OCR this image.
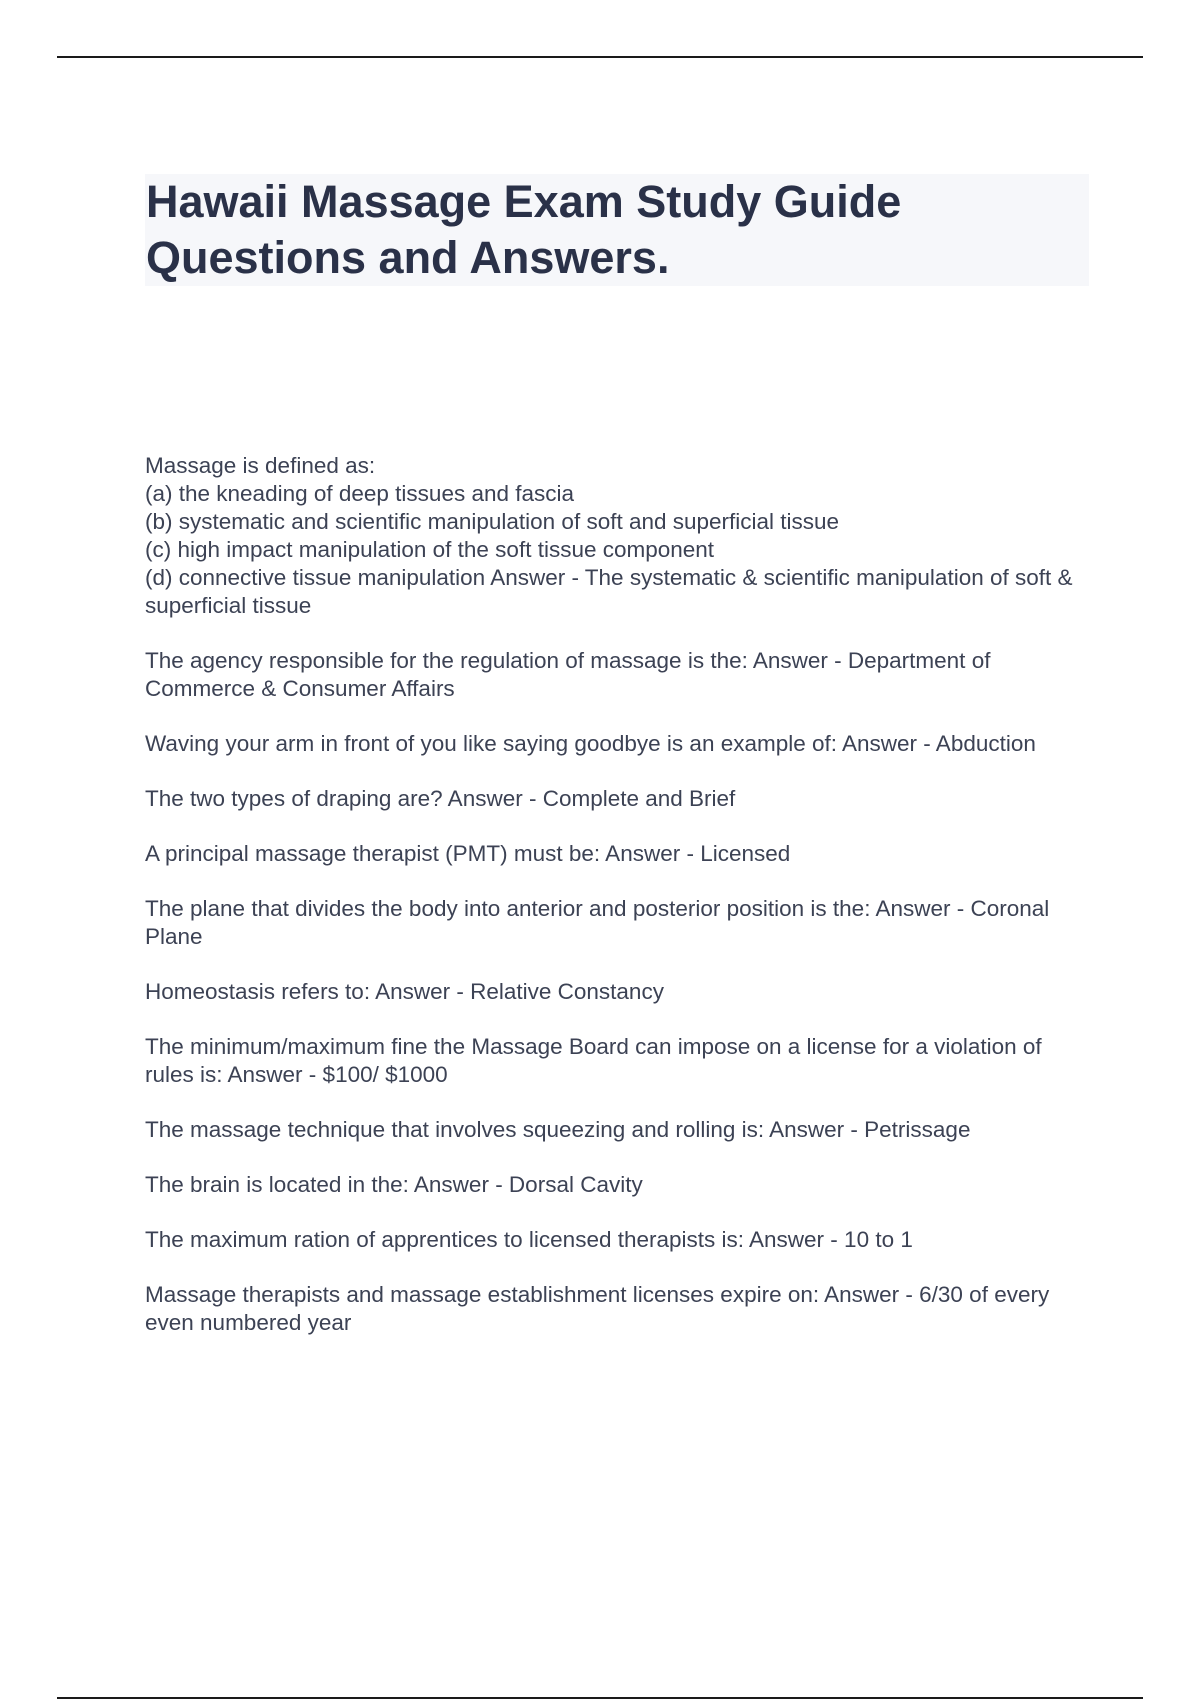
Hawaii Massage Exam Study Guide
Questions and Answers.

Massage is defined as:
(a) the kneading of deep tissues and fascia
(b) systematic and scientific manipulation of soft and superficial tissue
(c) high impact manipulation of the soft tissue component
(d) connective tissue manipulation Answer - The systematic & scientific manipulation of soft & superficial tissue

The agency responsible for the regulation of massage is the: Answer - Department of Commerce & Consumer Affairs

Waving your arm in front of you like saying goodbye is an example of: Answer - Abduction

The two types of draping are? Answer - Complete and Brief

A principal massage therapist (PMT) must be: Answer - Licensed

The plane that divides the body into anterior and posterior position is the: Answer - Coronal Plane

Homeostasis refers to: Answer - Relative Constancy

The minimum/maximum fine the Massage Board can impose on a license for a violation of rules is: Answer - $100/ $1000

The massage technique that involves squeezing and rolling is: Answer - Petrissage

The brain is located in the: Answer - Dorsal Cavity

The maximum ration of apprentices to licensed therapists is: Answer - 10 to 1

Massage therapists and massage establishment licenses expire on: Answer - 6/30 of every even numbered year
